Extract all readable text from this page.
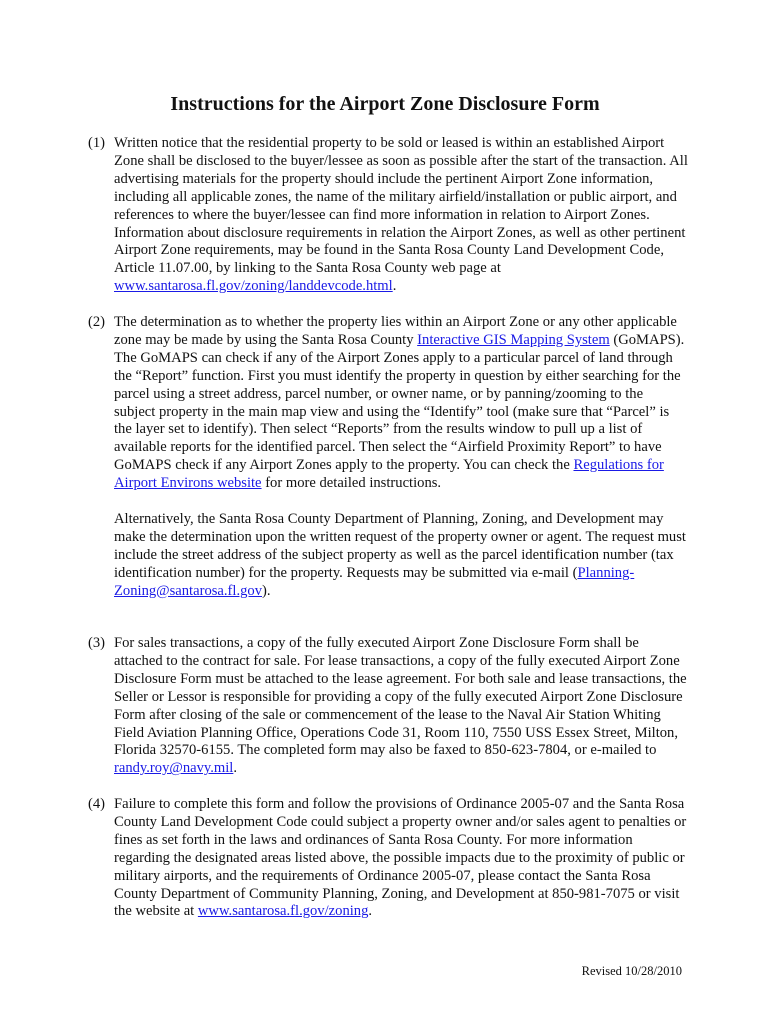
Instructions for the Airport Zone Disclosure Form
(1) Written notice that the residential property to be sold or leased is within an established Airport Zone shall be disclosed to the buyer/lessee as soon as possible after the start of the transaction. All advertising materials for the property should include the pertinent Airport Zone information, including all applicable zones, the name of the military airfield/installation or public airport, and references to where the buyer/lessee can find more information in relation to Airport Zones. Information about disclosure requirements in relation the Airport Zones, as well as other pertinent Airport Zone requirements, may be found in the Santa Rosa County Land Development Code, Article 11.07.00, by linking to the Santa Rosa County web page at www.santarosa.fl.gov/zoning/landdevcode.html.

(2) The determination as to whether the property lies within an Airport Zone or any other applicable zone may be made by using the Santa Rosa County Interactive GIS Mapping System (GoMAPS). The GoMAPS can check if any of the Airport Zones apply to a particular parcel of land through the “Report” function. First you must identify the property in question by either searching for the parcel using a street address, parcel number, or owner name, or by panning/zooming to the subject property in the main map view and using the “Identify” tool (make sure that “Parcel” is the layer set to identify). Then select “Reports” from the results window to pull up a list of available reports for the identified parcel. Then select the “Airfield Proximity Report” to have GoMAPS check if any Airport Zones apply to the property. You can check the Regulations for Airport Environs website for more detailed instructions.

Alternatively, the Santa Rosa County Department of Planning, Zoning, and Development may make the determination upon the written request of the property owner or agent. The request must include the street address of the subject property as well as the parcel identification number (tax identification number) for the property. Requests may be submitted via e-mail (Planning-Zoning@santarosa.fl.gov).

(3) For sales transactions, a copy of the fully executed Airport Zone Disclosure Form shall be attached to the contract for sale. For lease transactions, a copy of the fully executed Airport Zone Disclosure Form must be attached to the lease agreement. For both sale and lease transactions, the Seller or Lessor is responsible for providing a copy of the fully executed Airport Zone Disclosure Form after closing of the sale or commencement of the lease to the Naval Air Station Whiting Field Aviation Planning Office, Operations Code 31, Room 110, 7550 USS Essex Street, Milton, Florida 32570-6155. The completed form may also be faxed to 850-623-7804, or e-mailed to randy.roy@navy.mil.

(4) Failure to complete this form and follow the provisions of Ordinance 2005-07 and the Santa Rosa County Land Development Code could subject a property owner and/or sales agent to penalties or fines as set forth in the laws and ordinances of Santa Rosa County. For more information regarding the designated areas listed above, the possible impacts due to the proximity of public or military airports, and the requirements of Ordinance 2005-07, please contact the Santa Rosa County Department of Community Planning, Zoning, and Development at 850-981-7075 or visit the website at www.santarosa.fl.gov/zoning.

Revised 10/28/2010
